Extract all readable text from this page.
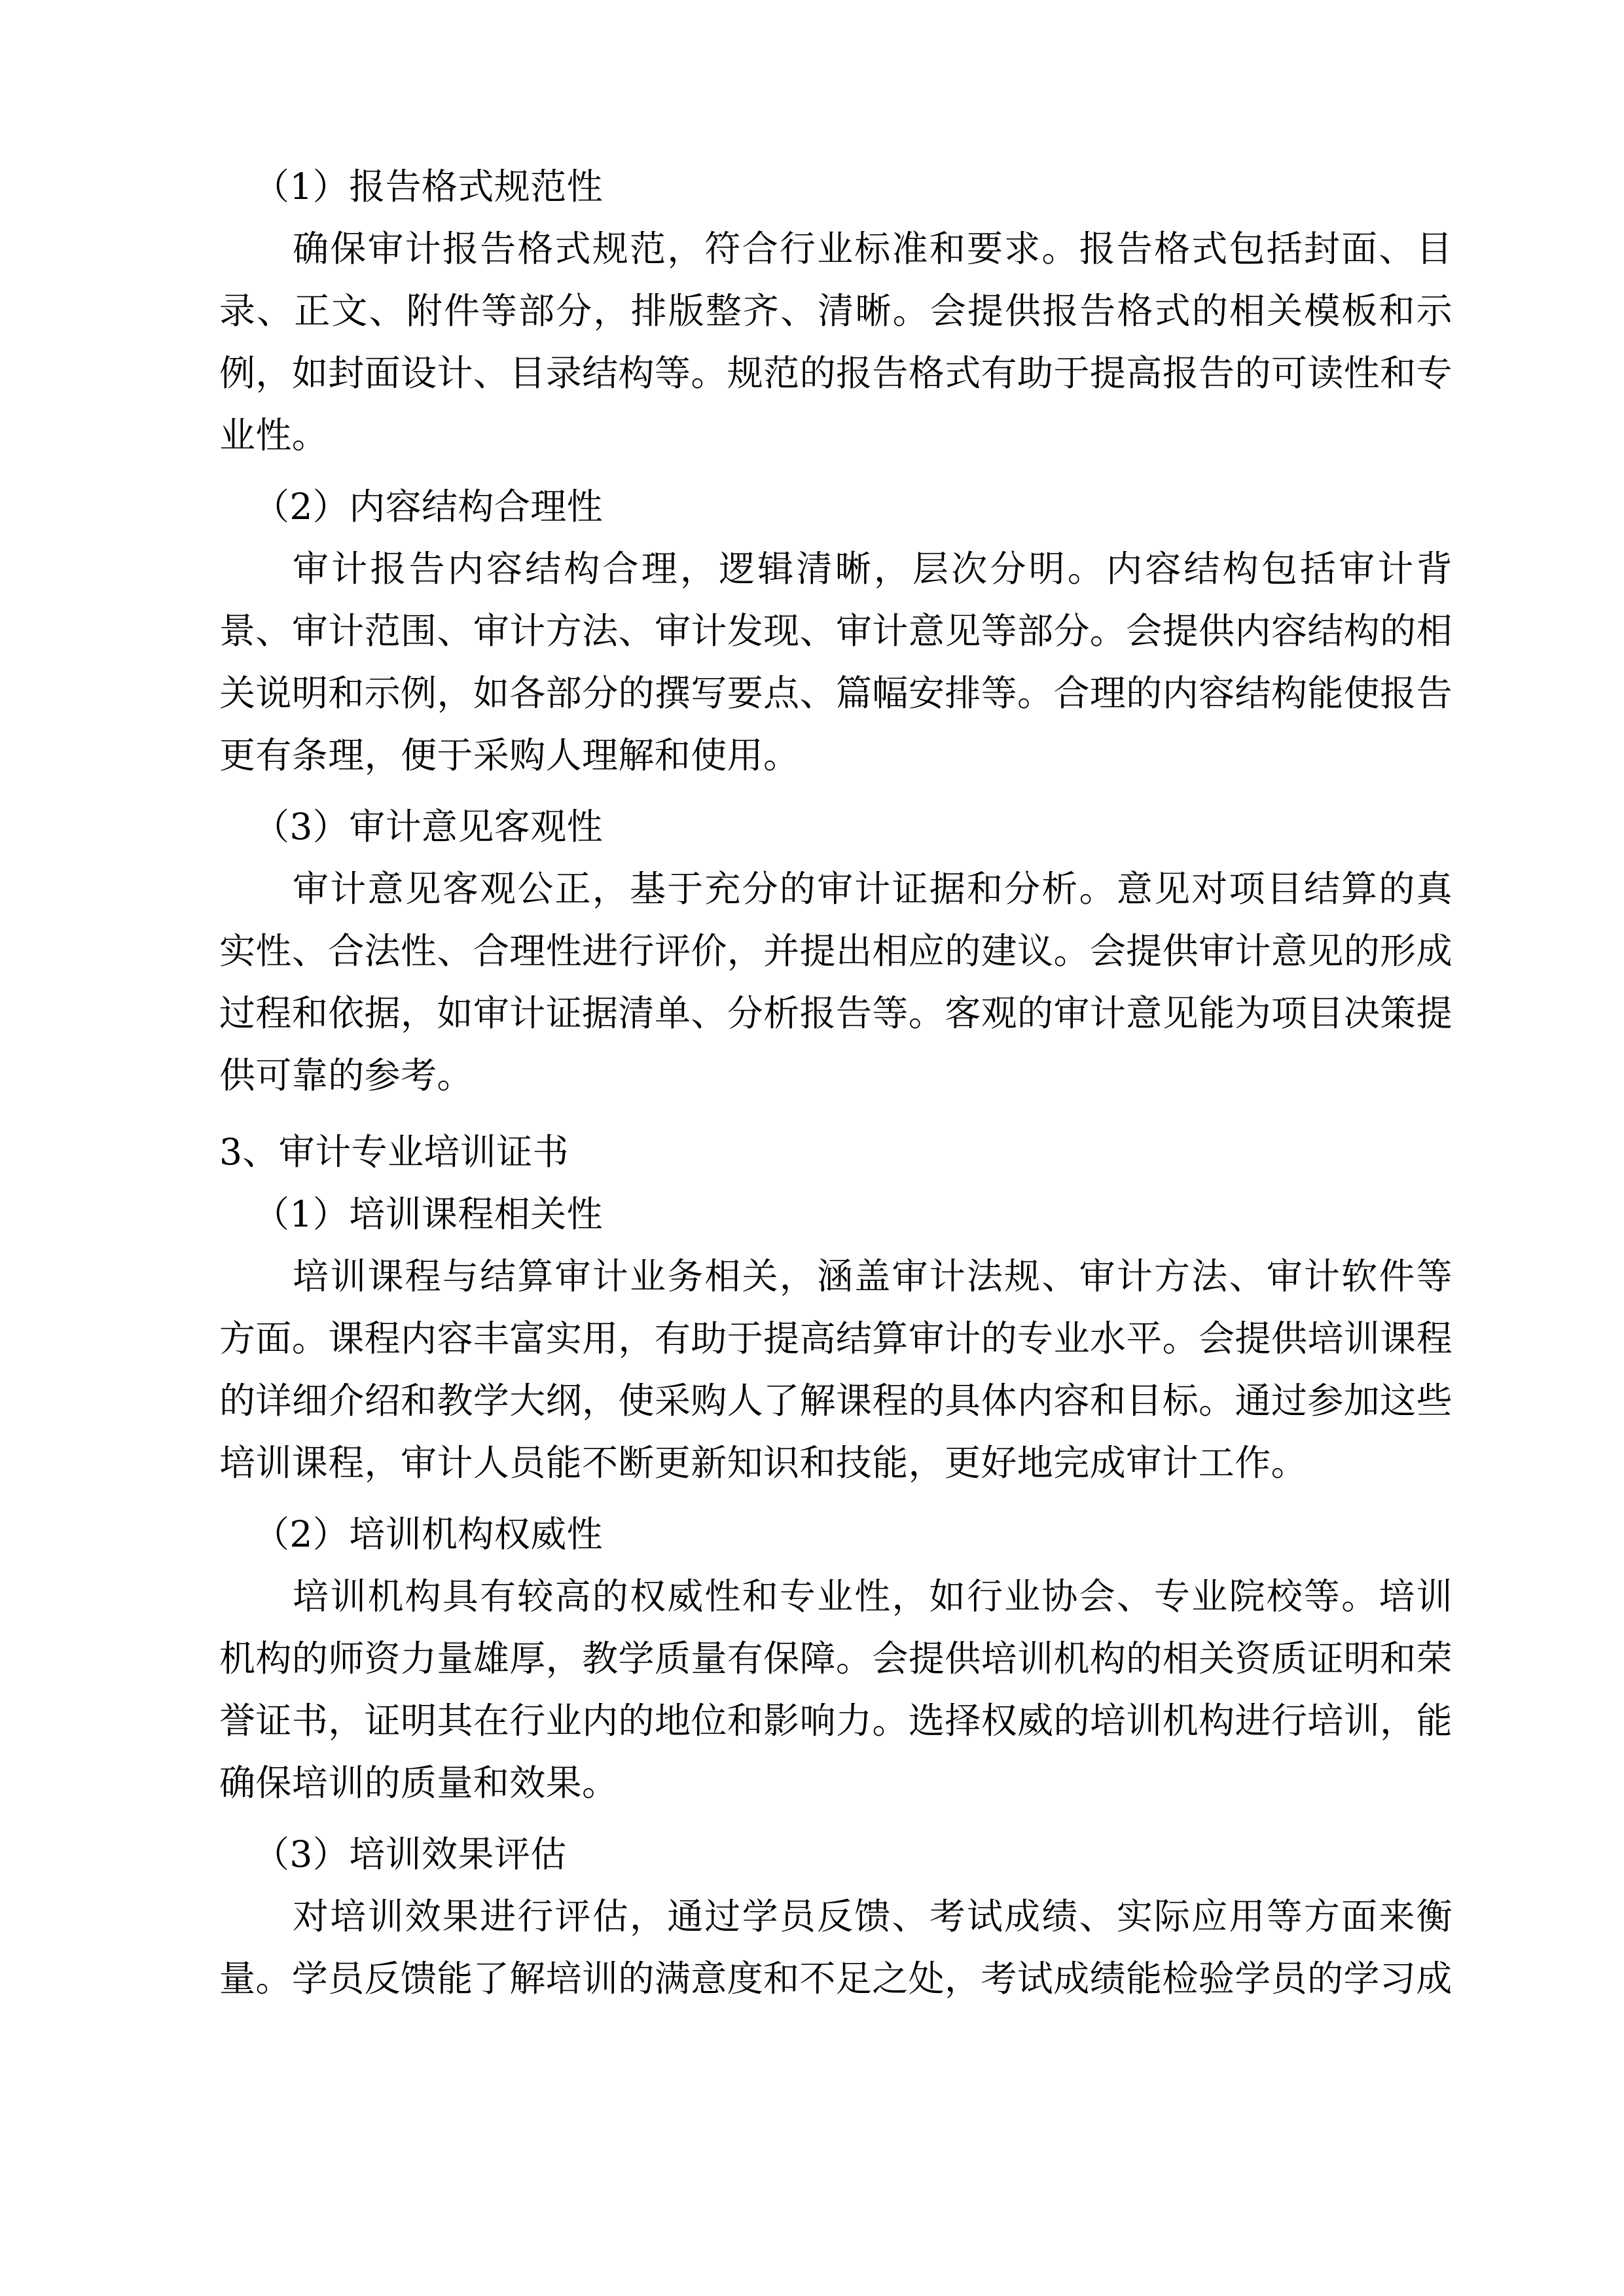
（1）报告格式规范性

确保审计报告格式规范，符合行业标准和要求。报告格式包括封面、目录、正文、附件等部分，排版整齐、清晰。会提供报告格式的相关模板和示例，如封面设计、目录结构等。规范的报告格式有助于提高报告的可读性和专业性。

（2）内容结构合理性

审计报告内容结构合理，逻辑清晰，层次分明。内容结构包括审计背景、审计范围、审计方法、审计发现、审计意见等部分。会提供内容结构的相关说明和示例，如各部分的撰写要点、篇幅安排等。合理的内容结构能使报告更有条理，便于采购人理解和使用。

（3）审计意见客观性

审计意见客观公正，基于充分的审计证据和分析。意见对项目结算的真实性、合法性、合理性进行评价，并提出相应的建议。会提供审计意见的形成过程和依据，如审计证据清单、分析报告等。客观的审计意见能为项目决策提供可靠的参考。

3、审计专业培训证书

（1）培训课程相关性

培训课程与结算审计业务相关，涵盖审计法规、审计方法、审计软件等方面。课程内容丰富实用，有助于提高结算审计的专业水平。会提供培训课程的详细介绍和教学大纲，使采购人了解课程的具体内容和目标。通过参加这些培训课程，审计人员能不断更新知识和技能，更好地完成审计工作。

（2）培训机构权威性

培训机构具有较高的权威性和专业性，如行业协会、专业院校等。培训机构的师资力量雄厚，教学质量有保障。会提供培训机构的相关资质证明和荣誉证书，证明其在行业内的地位和影响力。选择权威的培训机构进行培训，能确保培训的质量和效果。

（3）培训效果评估

对培训效果进行评估，通过学员反馈、考试成绩、实际应用等方面来衡量。学员反馈能了解培训的满意度和不足之处，考试成绩能检验学员的学习成
